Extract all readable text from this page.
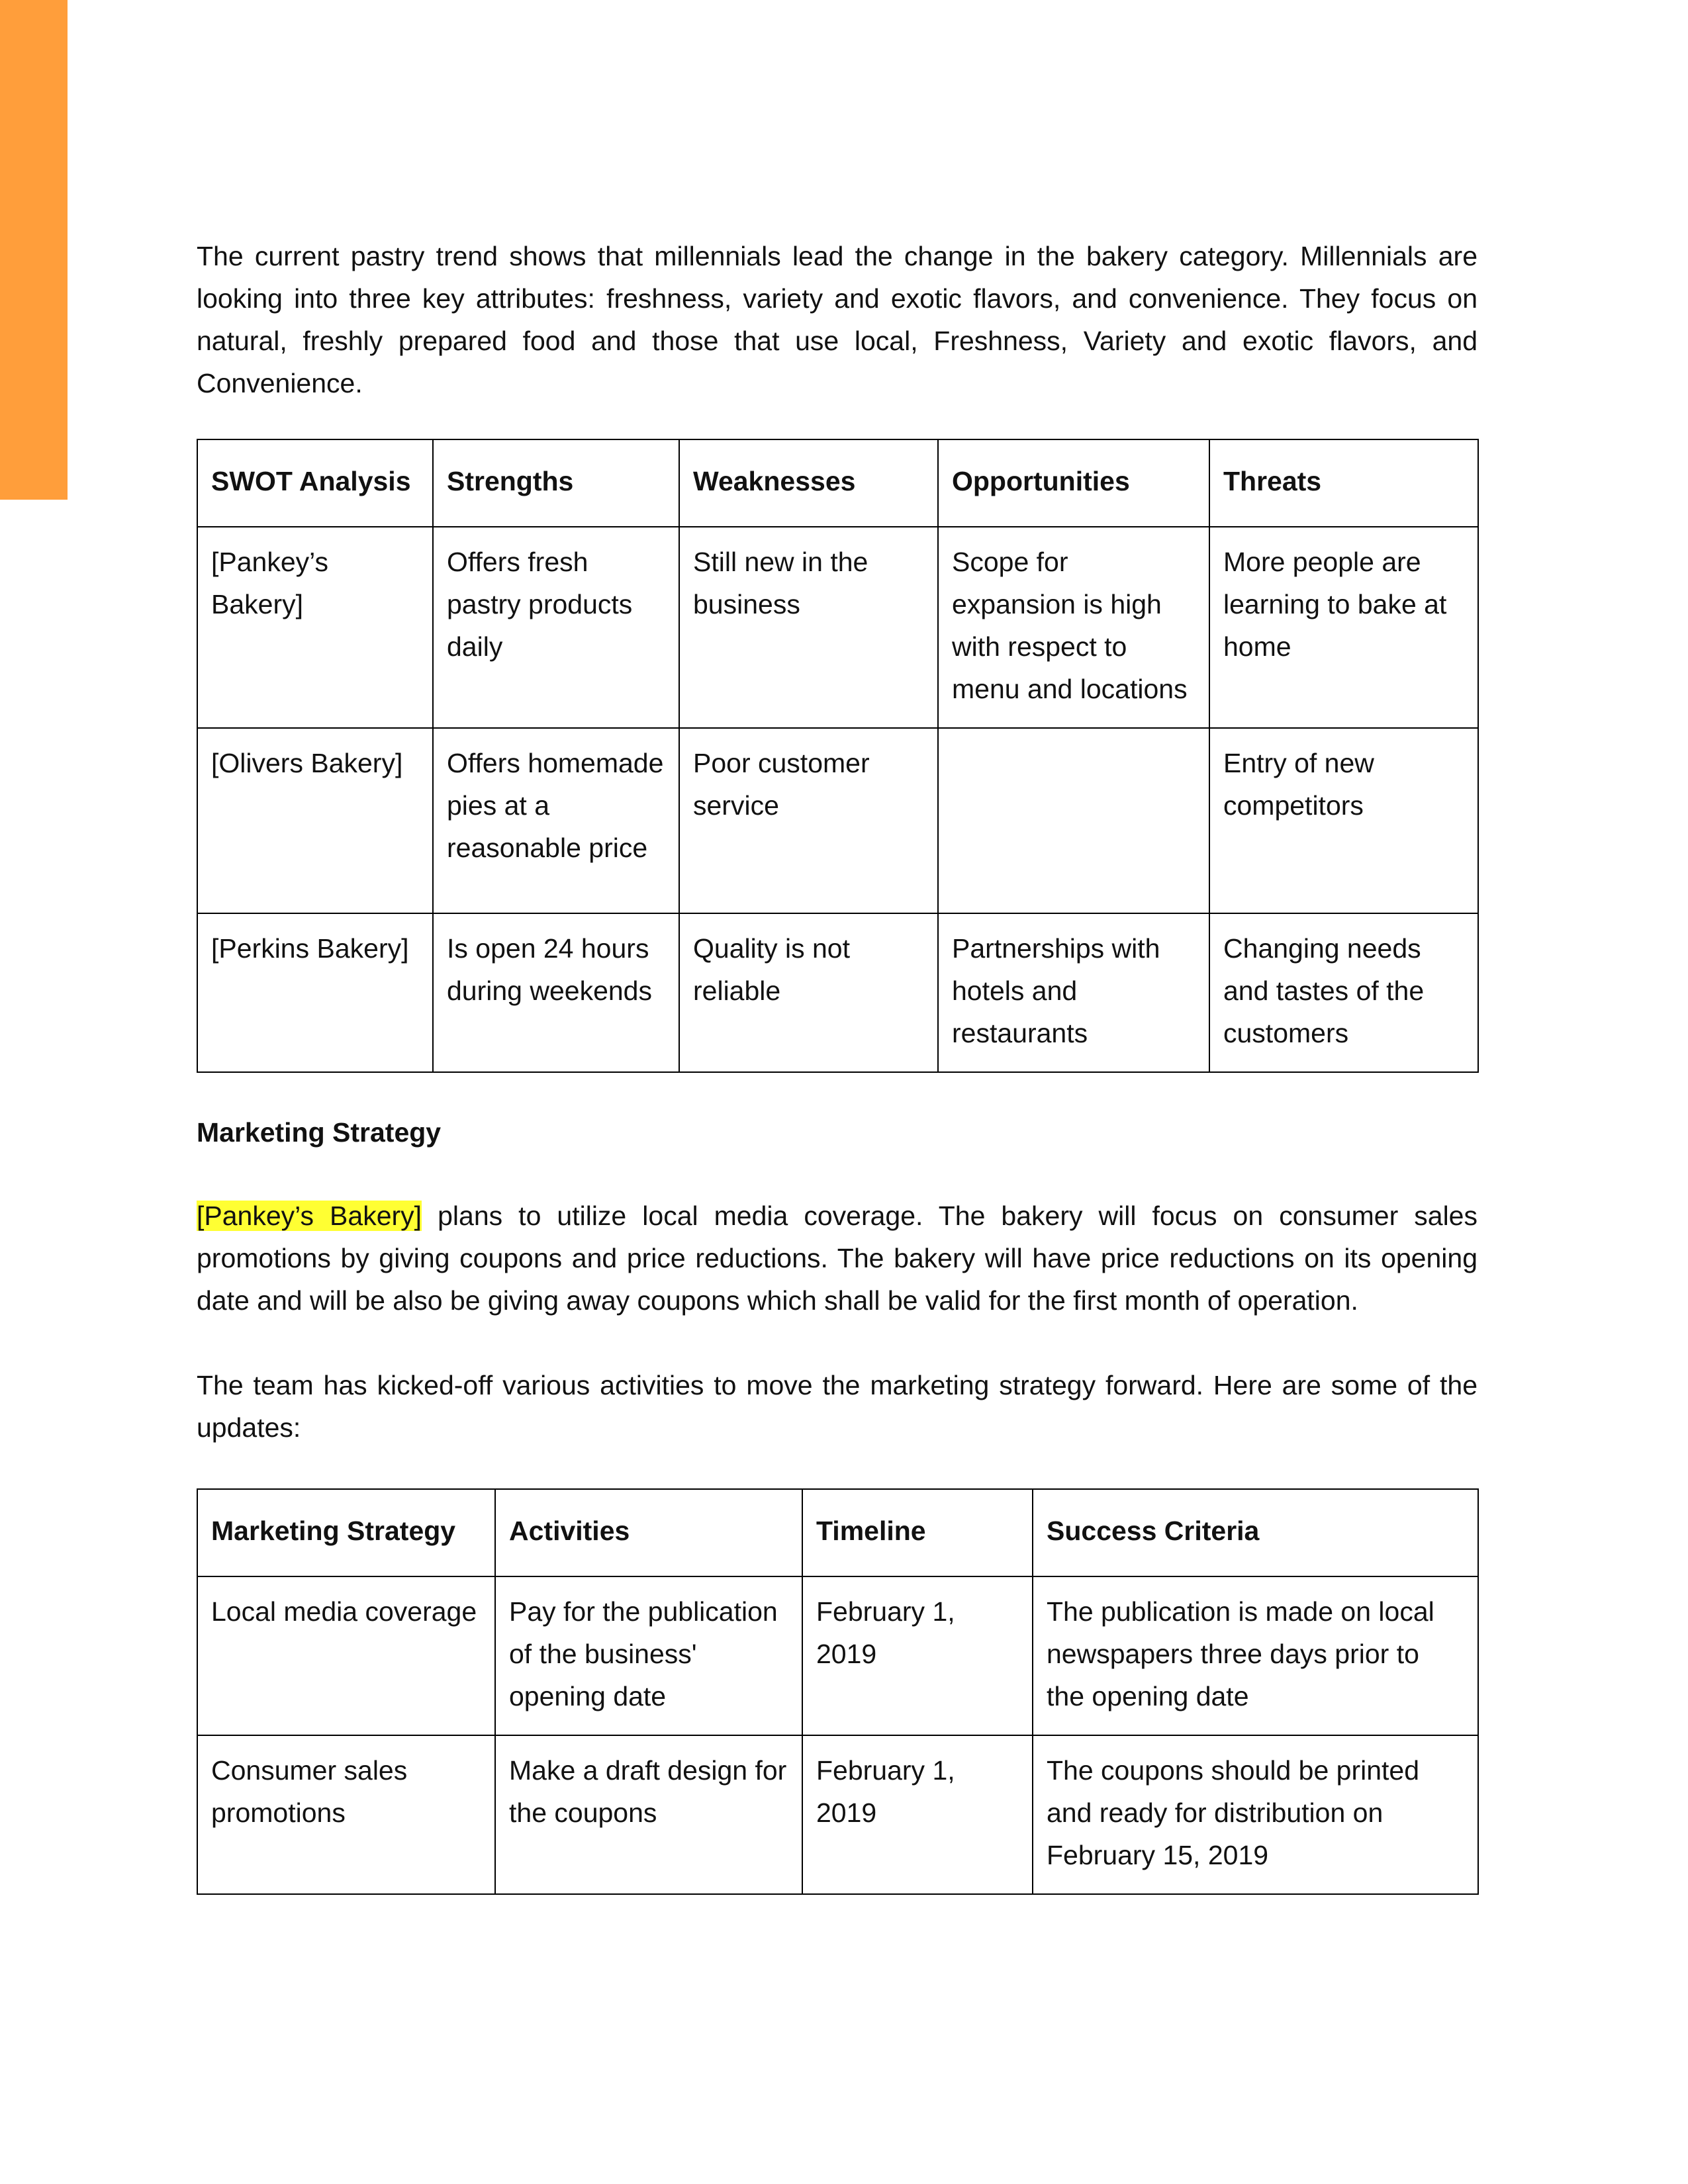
The current pastry trend shows that millennials lead the change in the bakery category. Millennials are looking into three key attributes: freshness, variety and exotic flavors, and convenience. They focus on natural, freshly prepared food and those that use local, Freshness, Variety and exotic flavors, and Convenience.

SWOT Analysis	Strengths	Weaknesses	Opportunities	Threats
[Pankey’s Bakery]	Offers fresh pastry products daily	Still new in the business	Scope for expansion is high with respect to menu and locations	More people are learning to bake at home
[Olivers Bakery]	Offers homemade pies at a reasonable price	Poor customer service		Entry of new competitors
[Perkins Bakery]	Is open 24 hours during weekends	Quality is not reliable	Partnerships with hotels and restaurants	Changing needs and tastes of the customers
Marketing Strategy

[Pankey’s Bakery] plans to utilize local media coverage. The bakery will focus on consumer sales promotions by giving coupons and price reductions. The bakery will have price reductions on its opening date and will be also be giving away coupons which shall be valid for the first month of operation.

The team has kicked-off various activities to move the marketing strategy forward. Here are some of the updates:

Marketing Strategy	Activities	Timeline	Success Criteria
Local media coverage	Pay for the publication of the business' opening date	February 1, 2019	The publication is made on local newspapers three days prior to the opening date
Consumer sales promotions	Make a draft design for the coupons	February 1, 2019	The coupons should be printed and ready for distribution on February 15, 2019
